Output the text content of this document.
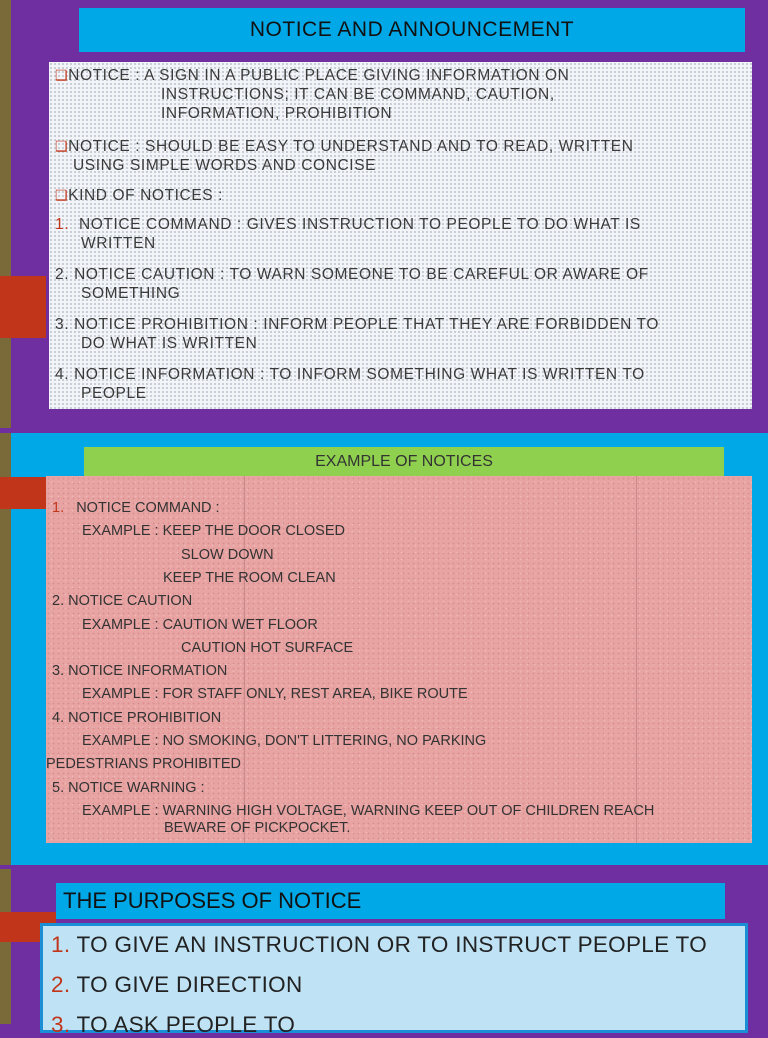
NOTICE AND ANNOUNCEMENT
❑NOTICE : A SIGN IN A PUBLIC PLACE GIVING INFORMATION ON
INSTRUCTIONS; IT CAN BE COMMAND, CAUTION,
INFORMATION, PROHIBITION
❑NOTICE : SHOULD BE EASY TO UNDERSTAND AND TO READ, WRITTEN
USING SIMPLE WORDS AND CONCISE
❑KIND OF NOTICES :
1. NOTICE COMMAND : GIVES INSTRUCTION TO PEOPLE TO DO WHAT IS
WRITTEN
2. NOTICE CAUTION : TO WARN SOMEONE TO BE CAREFUL OR AWARE OF
SOMETHING
3. NOTICE PROHIBITION : INFORM PEOPLE THAT THEY ARE FORBIDDEN TO
DO WHAT IS WRITTEN
4. NOTICE INFORMATION : TO INFORM SOMETHING WHAT IS WRITTEN TO
PEOPLE
EXAMPLE OF NOTICES
1. NOTICE COMMAND :
EXAMPLE : KEEP THE DOOR CLOSED
SLOW DOWN
KEEP THE ROOM CLEAN
2. NOTICE CAUTION
EXAMPLE : CAUTION WET FLOOR
CAUTION HOT SURFACE
3. NOTICE INFORMATION
EXAMPLE : FOR STAFF ONLY, REST AREA, BIKE ROUTE
4. NOTICE PROHIBITION
EXAMPLE : NO SMOKING, DON'T LITTERING, NO PARKING
PEDESTRIANS PROHIBITED
5. NOTICE WARNING :
EXAMPLE : WARNING HIGH VOLTAGE, WARNING KEEP OUT OF CHILDREN REACH
BEWARE OF PICKPOCKET.
THE PURPOSES OF NOTICE
1. TO GIVE AN INSTRUCTION OR TO INSTRUCT PEOPLE TO
2. TO GIVE DIRECTION
3. TO ASK PEOPLE TO
